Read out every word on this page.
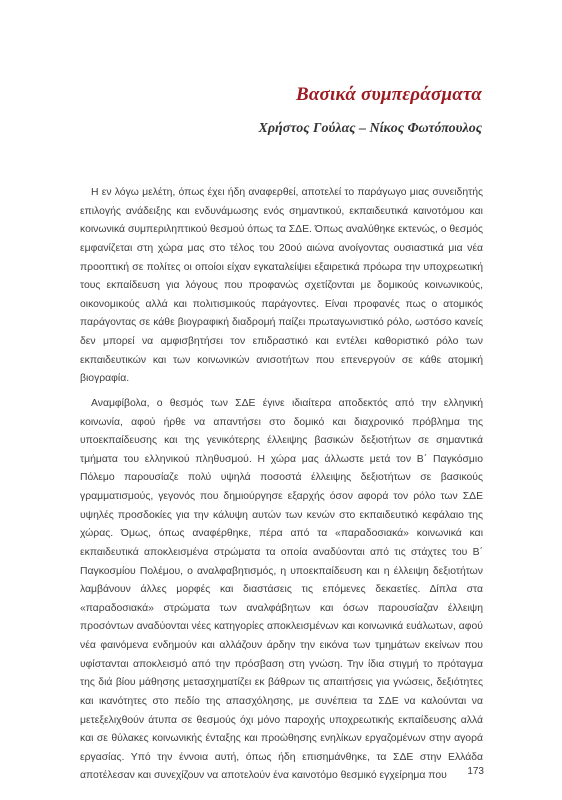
Βασικά συμπεράσματα
Χρήστος Γούλας – Νίκος Φωτόπουλος

Η εν λόγω μελέτη, όπως έχει ήδη αναφερθεί, αποτελεί το παράγωγο μιας συνειδητής επιλογής ανάδειξης και ενδυνάμωσης ενός σημαντικού, εκπαιδευτικά καινοτόμου και κοινωνικά συμπεριληπτικού θεσμού όπως τα ΣΔΕ. Όπως αναλύθηκε εκτενώς, ο θεσμός εμφανίζεται στη χώρα μας στο τέλος του 20ού αιώνα ανοίγοντας ουσιαστικά μια νέα προοπτική σε πολίτες οι οποίοι είχαν εγκαταλείψει εξαιρετικά πρόωρα την υποχρεωτική τους εκπαίδευση για λόγους που προφανώς σχετίζονται με δομικούς κοινωνικούς, οικονομικούς αλλά και πολιτισμικούς παράγοντες. Είναι προφανές πως ο ατομικός παράγοντας σε κάθε βιογραφική διαδρομή παίζει πρωταγωνιστικό ρόλο, ωστόσο κανείς δεν μπορεί να αμφισβητήσει τον επιδραστικό και εντέλει καθοριστικό ρόλο των εκπαιδευτικών και των κοινωνικών ανισοτήτων που επενεργούν σε κάθε ατομική βιογραφία.

Αναμφίβολα, ο θεσμός των ΣΔΕ έγινε ιδιαίτερα αποδεκτός από την ελληνική κοινωνία, αφού ήρθε να απαντήσει στο δομικό και διαχρονικό πρόβλημα της υποεκπαίδευσης και της γενικότερης έλλειψης βασικών δεξιοτήτων σε σημαντικά τμήματα του ελληνικού πληθυσμού. Η χώρα μας άλλωστε μετά τον Β΄ Παγκόσμιο Πόλεμο παρουσίαζε πολύ υψηλά ποσοστά έλλειψης δεξιοτήτων σε βασικούς γραμματισμούς, γεγονός που δημιούργησε εξαρχής όσον αφορά τον ρόλο των ΣΔΕ υψηλές προσδοκίες για την κάλυψη αυτών των κενών στο εκπαιδευτικό κεφάλαιο της χώρας. Όμως, όπως αναφέρθηκε, πέρα από τα «παραδοσιακά» κοινωνικά και εκπαιδευτικά αποκλεισμένα στρώματα τα οποία αναδύονται από τις στάχτες του Β΄ Παγκοσμίου Πολέμου, ο αναλφαβητισμός, η υποεκπαίδευση και η έλλειψη δεξιοτήτων λαμβάνουν άλλες μορφές και διαστάσεις τις επόμενες δεκαετίες. Δίπλα στα «παραδοσιακά» στρώματα των αναλφάβητων και όσων παρουσίαζαν έλλειψη προσόντων αναδύονται νέες κατηγορίες αποκλεισμένων και κοινωνικά ευάλωτων, αφού νέα φαινόμενα ενδημούν και αλλάζουν άρδην την εικόνα των τμημάτων εκείνων που υφίστανται αποκλεισμό από την πρόσβαση στη γνώση. Την ίδια στιγμή το πρόταγμα της διά βίου μάθησης μετασχηματίζει εκ βάθρων τις απαιτήσεις για γνώσεις, δεξιότητες και ικανότητες στο πεδίο της απασχόλησης, με συνέπεια τα ΣΔΕ να καλούνται να μετεξελιχθούν άτυπα σε θεσμούς όχι μόνο παροχής υποχρεωτικής εκπαίδευσης αλλά και σε θύλακες κοινωνικής ένταξης και προώθησης ενηλίκων εργαζομένων στην αγορά εργασίας. Υπό την έννοια αυτή, όπως ήδη επισημάνθηκε, τα ΣΔΕ στην Ελλάδα αποτέλεσαν και συνεχίζουν να αποτελούν ένα καινοτόμο θεσμικό εγχείρημα που	173
